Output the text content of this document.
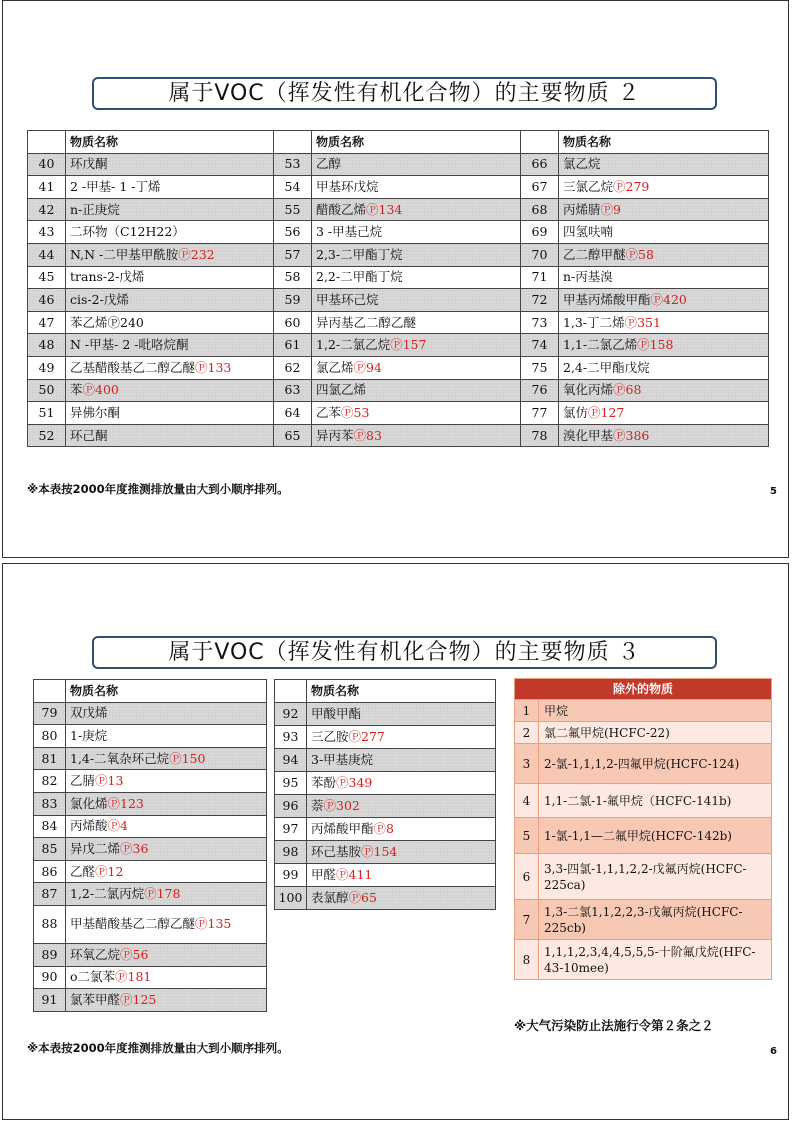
属于VOC（挥发性有机化合物）的主要物质 ２
	物质名称		物质名称		物质名称
40	环戊酮	53	乙醇	66	氯乙烷
41	2 -甲基- 1 -丁烯	54	甲基环戊烷	67	三氯乙烷Ⓟ279
42	n-正庚烷	55	醋酸乙烯Ⓟ134	68	丙烯腈Ⓟ9
43	二环物（C12H22）	56	3 -甲基己烷	69	四氢呋喃
44	N,N -二甲基甲酰胺Ⓟ232	57	2,3-二甲酯丁烷	70	乙二醇甲醚Ⓟ58
45	trans-2-戊烯	58	2,2-二甲酯丁烷	71	n-丙基溴
46	cis-2-戊烯	59	甲基环己烷	72	甲基丙烯酸甲酯Ⓟ420
47	苯乙烯Ⓟ240	60	异丙基乙二醇乙醚	73	1,3-丁二烯Ⓟ351
48	N -甲基- 2 -吡咯烷酮	61	1,2-二氯乙烷Ⓟ157	74	1,1-二氯乙烯Ⓟ158
49	乙基醋酸基乙二醇乙醚Ⓟ133	62	氯乙烯Ⓟ94	75	2,4-二甲酯戊烷
50	苯Ⓟ400	63	四氯乙烯	76	氧化丙烯Ⓟ68
51	异佛尔酮	64	乙苯Ⓟ53	77	氯仿Ⓟ127
52	环己酮	65	异丙苯Ⓟ83	78	溴化甲基Ⓟ386
※本表按2000年度推测排放量由大到小顺序排列。	5
属于VOC（挥发性有机化合物）的主要物质 ３
	物质名称
79	双戊烯
80	1-庚烷
81	1,4-二氧杂环己烷Ⓟ150
82	乙腈Ⓟ13
83	氯化烯Ⓟ123
84	丙烯酸Ⓟ4
85	异戊二烯Ⓟ36
86	乙醛Ⓟ12
87	1,2-二氯丙烷Ⓟ178
88	甲基醋酸基乙二醇乙醚Ⓟ135
89	环氧乙烷Ⓟ56
90	o二氯苯Ⓟ181
91	氯苯甲醛Ⓟ125
	物质名称
92	甲酸甲酯
93	三乙胺Ⓟ277
94	3-甲基庚烷
95	苯酚Ⓟ349
96	萘Ⓟ302
97	丙烯酸甲酯Ⓟ8
98	环己基胺Ⓟ154
99	甲醛Ⓟ411
100	表氯醇Ⓟ65
除外的物质	
1	甲烷
2	氯二氟甲烷(HCFC-22)
3	2-氯-1,1,1,2-四氟甲烷(HCFC-124)
4	1,1-二氯-1-氟甲烷（HCFC-141b)
5	1-氯-1,1—二氟甲烷(HCFC-142b)
6	3,3-四氯-1,1,1,2,2-戊氟丙烷(HCFC-225ca)
7	1,3-二氯1,1,2,2,3-戊氟丙烷(HCFC-225cb)
8	1,1,1,2,3,4,4,5,5,5-十阶氟戊烷(HFC-43-10mee)
※大气污染防止法施行令第２条之２
※本表按2000年度推测排放量由大到小顺序排列。	6
